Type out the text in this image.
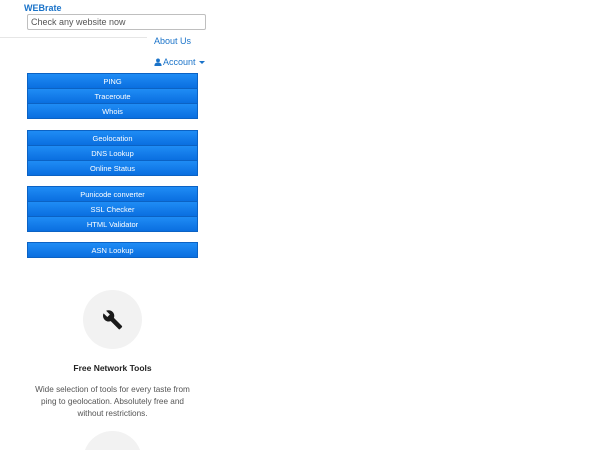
WEBrate
Check any website now
About Us
Account
PING
Traceroute
Whois
Geolocation
DNS Lookup
Online Status
Punicode converter
SSL Checker
HTML Validator
ASN Lookup
Free Network Tools
Wide selection of tools for every taste from ping to geolocation. Absolutely free and without restrictions.
